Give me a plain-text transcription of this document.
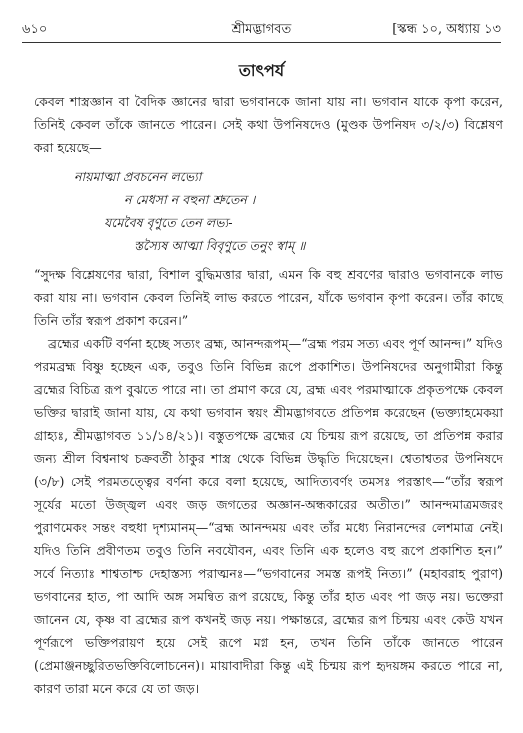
৬১০	শ্রীমদ্ভাগবত	[স্কন্ধ ১০, অধ্যায় ১৩
তাৎপর্য

কেবল শাস্ত্রজ্ঞান বা বৈদিক জ্ঞানের দ্বারা ভগবানকে জানা যায় না। ভগবান যাকে কৃপা করেন, তিনিই কেবল তাঁকে জানতে পারেন। সেই কথা উপনিষদেও (মুণ্ডক উপনিষদ ৩/২/৩) বিশ্লেষণ করা হয়েছে—

নায়মাত্মা প্রবচনেন লভ্যো
ন মেধসা ন বহুনা শ্রুতেন ।
যমেবৈষ বৃণুতে তেন লভ্য-
স্তস্যৈষ আত্মা বিবৃণুতে তনুং স্বাম্ ॥

“সুদক্ষ বিশ্লেষণের দ্বারা, বিশাল বুদ্ধিমত্তার দ্বারা, এমন কি বহু শ্রবণের দ্বারাও ভগবানকে লাভ করা যায় না। ভগবান কেবল তিনিই লাভ করতে পারেন, যাঁকে ভগবান কৃপা করেন। তাঁর কাছে তিনি তাঁর স্বরূপ প্রকাশ করেন।”

ব্রহ্মের একটি বর্ণনা হচ্ছে সত্যং ব্রহ্ম, আনন্দরূপম্—“ব্রহ্ম পরম সত্য এবং পূর্ণ আনন্দ।” যদিও পরমব্রহ্ম বিষ্ণু হচ্ছেন এক, তবুও তিনি বিভিন্ন রূপে প্রকাশিত। উপনিষদের অনুগামীরা কিন্তু ব্রহ্মের বিচিত্র রূপ বুঝতে পারে না। তা প্রমাণ করে যে, ব্রহ্ম এবং পরমাত্মাকে প্রকৃতপক্ষে কেবল ভক্তির দ্বারাই জানা যায়, যে কথা ভগবান স্বয়ং শ্রীমদ্ভাগবতে প্রতিপন্ন করেছেন (ভক্ত্যাহমেকয়া গ্রাহ্যঃ, শ্রীমদ্ভাগবত ১১/১৪/২১)। বস্তুতপক্ষে ব্রহ্মের যে চিন্ময় রূপ রয়েছে, তা প্রতিপন্ন করার জন্য শ্রীল বিশ্বনাথ চক্রবর্তী ঠাকুর শাস্ত্র থেকে বিভিন্ন উদ্ধৃতি দিয়েছেন। শ্বেতাশ্বতর উপনিষদে (৩/৮) সেই পরমতত্ত্বের বর্ণনা করে বলা হয়েছে, আদিত্যবর্ণং তমসঃ পরস্তাৎ—“তাঁর স্বরূপ সূর্যের মতো উজ্জ্বল এবং জড় জগতের অজ্ঞান-অন্ধকারের অতীত।” আনন্দমাত্রমজরং পুরাণমেকং সন্তং বহুধা দৃশ্যমানম্—“ব্রহ্ম আনন্দময় এবং তাঁর মধ্যে নিরানন্দের লেশমাত্র নেই। যদিও তিনি প্রবীণতম তবুও তিনি নবযৌবন, এবং তিনি এক হলেও বহু রূপে প্রকাশিত হন।” সর্বে নিত্যাঃ শাশ্বতাশ্চ দেহাস্তস্য পরাত্মনঃ—“ভগবানের সমস্ত রূপই নিত্য।” (মহাবরাহ পুরাণ) ভগবানের হাত, পা আদি অঙ্গ সমন্বিত রূপ রয়েছে, কিন্তু তাঁর হাত এবং পা জড় নয়। ভক্তেরা জানেন যে, কৃষ্ণ বা ব্রহ্মের রূপ কখনই জড় নয়। পক্ষান্তরে, ব্রহ্মের রূপ চিন্ময় এবং কেউ যখন পূর্ণরূপে ভক্তিপরায়ণ হয়ে সেই রূপে মগ্ন হন, তখন তিনি তাঁকে জানতে পারেন (প্রেমাঞ্জনচ্ছুরিতভক্তিবিলোচনেন)। মায়াবাদীরা কিন্তু এই চিন্ময় রূপ হৃদয়ঙ্গম করতে পারে না, কারণ তারা মনে করে যে তা জড়।
